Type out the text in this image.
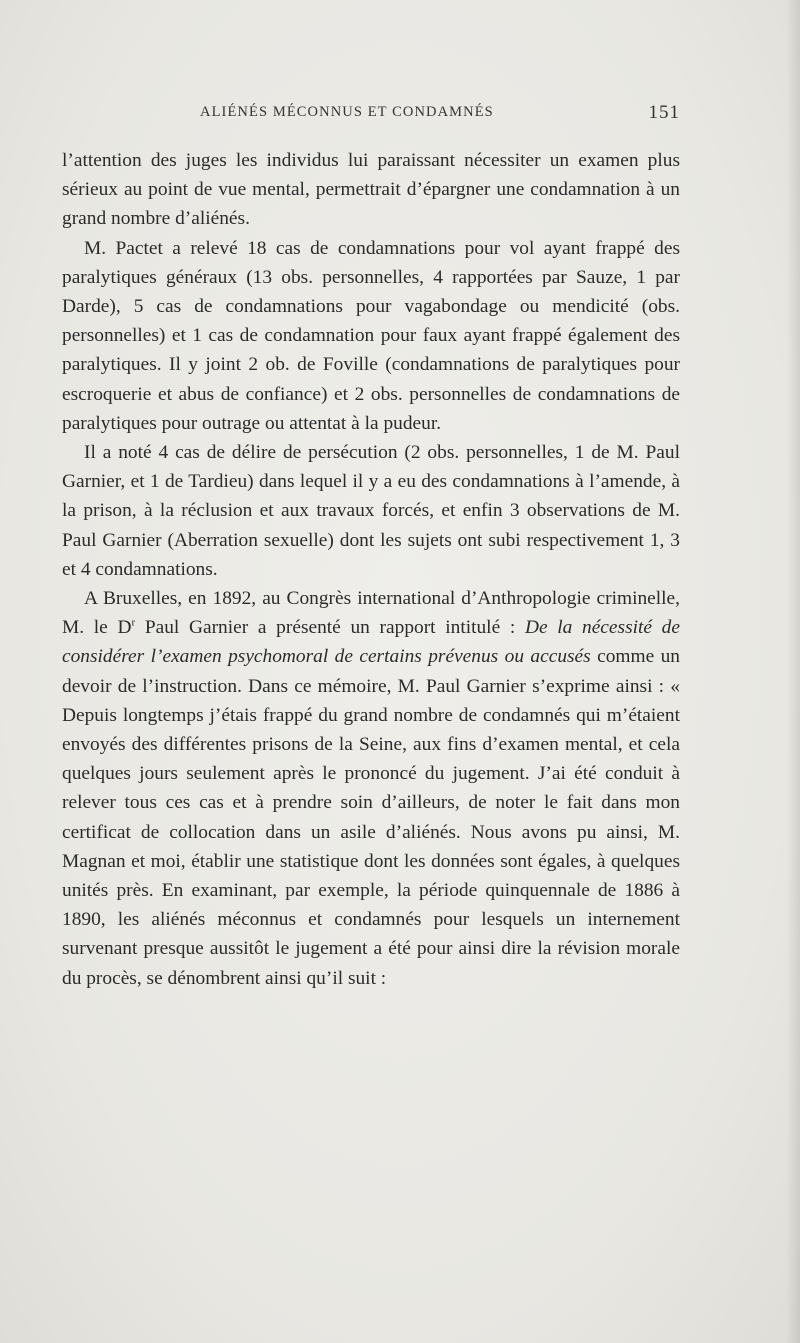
ALIÉNÉS MÉCONNUS ET CONDAMNÉS	151

l’attention des juges les individus lui paraissant nécessiter un examen plus sérieux au point de vue mental, permettrait d’épargner une condamnation à un grand nombre d’aliénés.

M. Pactet a relevé 18 cas de condamnations pour vol ayant frappé des paralytiques généraux (13 obs. personnelles, 4 rapportées par Sauze, 1 par Darde), 5 cas de condamnations pour vagabondage ou mendicité (obs. personnelles) et 1 cas de condamnation pour faux ayant frappé également des paralytiques. Il y joint 2 ob. de Foville (condamnations de paralytiques pour escroquerie et abus de confiance) et 2 obs. personnelles de condamnations de paralytiques pour outrage ou attentat à la pudeur.

Il a noté 4 cas de délire de persécution (2 obs. personnelles, 1 de M. Paul Garnier, et 1 de Tardieu) dans lequel il y a eu des condamnations à l’amende, à la prison, à la réclusion et aux travaux forcés, et enfin 3 observations de M. Paul Garnier (Aberration sexuelle) dont les sujets ont subi respectivement 1, 3 et 4 condamnations.

A Bruxelles, en 1892, au Congrès international d’Anthropologie criminelle, M. le $D^r$ Paul Garnier a présenté un rapport intitulé : De la nécessité de considérer l’examen psychomoral de certains prévenus ou accusés comme un devoir de l’instruction. Dans ce mémoire, M. Paul Garnier s’exprime ainsi : « Depuis longtemps j’étais frappé du grand nombre de condamnés qui m’étaient envoyés des différentes prisons de la Seine, aux fins d’examen mental, et cela quelques jours seulement après le prononcé du jugement. J’ai été conduit à relever tous ces cas et à prendre soin d’ailleurs, de noter le fait dans mon certificat de collocation dans un asile d’aliénés. Nous avons pu ainsi, M. Magnan et moi, établir une statistique dont les données sont égales, à quelques unités près. En examinant, par exemple, la période quinquennale de 1886 à 1890, les aliénés méconnus et condamnés pour lesquels un internement survenant presque aussitôt le jugement a été pour ainsi dire la révision morale du procès, se dénombrent ainsi qu’il suit :
